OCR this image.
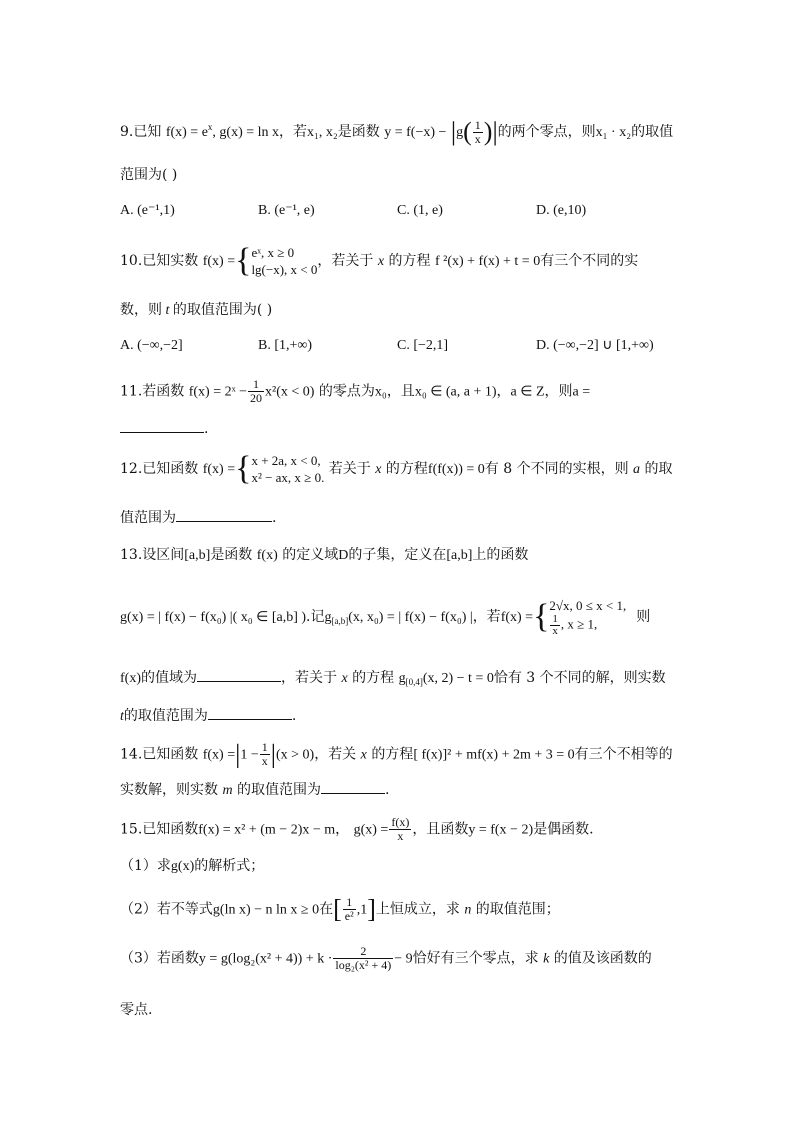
9.已知 $f(x) = e^x$, g(x) = ln x，若x₁, x₂是函数 $y = f(-x) - |g( \frac{1}{x}$ )|的两个零点，则x₁ · x₂的取值
范围为( )
A. (e⁻¹,1)	B. (e⁻¹, e)	C. (1, e)	D. (e,10)
10.已知实数 f(x) ={ eˣ, x ≥ 0
lg(−x), x < 0
，若关于 x 的方程 f ²(x) + f(x) + t = 0有三个不同的实
数，则 t 的取值范围为( )
A. (−∞,−2]	B. [1,+∞)	C. [−2,1]	D. (−∞,−2] ∪ [1,+∞)
11.若函数 f(x) = 2ˣ − $\frac{1}{20} x^2(x < 0)$ 的零点为x₀，且x₀ ∈ (a, a + 1)，a ∈ Z，则a =
.
12.已知函数 f(x) ={ x + 2a, x < 0,
x² − ax, x ≥ 0.
若关于 x 的方程f(f(x)) = 0有 8 个不同的实根，则 a 的取
值范围为	.
13.设区间[a,b]是函数 f(x) 的定义域D的子集，定义在[a,b]上的函数
g(x) = | f(x) − f(x₀) |( x₀ ∈ [a,b] ).记$g_{[a,b]}(x$, x₀) = | f(x) − f(x₀) |，若f(x) ={ 2√x, 0 ≤ x < 1,
$\frac{1}{x}$ , x ≥ 1,	则
f(x)的值域为	，若关于 x 的方程 $g_{[0,4]}(x$, 2) − t = 0恰有 3 个不同的解，则实数
t的取值范围为	.
14.已知函数 $f(x) =|1 - \frac{1}{x} |(x > 0)$，若关 x 的方程[ f(x)]² + mf(x) + 2m + 3 = 0有三个不相等的
实数解，则实数 m 的取值范围为	.
15.已知函数f(x) = x² + (m − 2)x − m， $g(x) = \frac{f(x)}{x}$ ，且函数y = f(x − 2)是偶函数.
（1）求g(x)的解析式；
（2）若不等式g(ln x) − n ln x ≥ 0在[ $\frac{1}{\text{e²}} ,1$]上恒成立，求 n 的取值范围；
（3）若函数$y = g(\log_2(x^2 + 4)) + k \cdot \frac{2}{\text{log₂(x² + 4)}} - 9$恰好有三个零点，求 k 的值及该函数的
零点.
